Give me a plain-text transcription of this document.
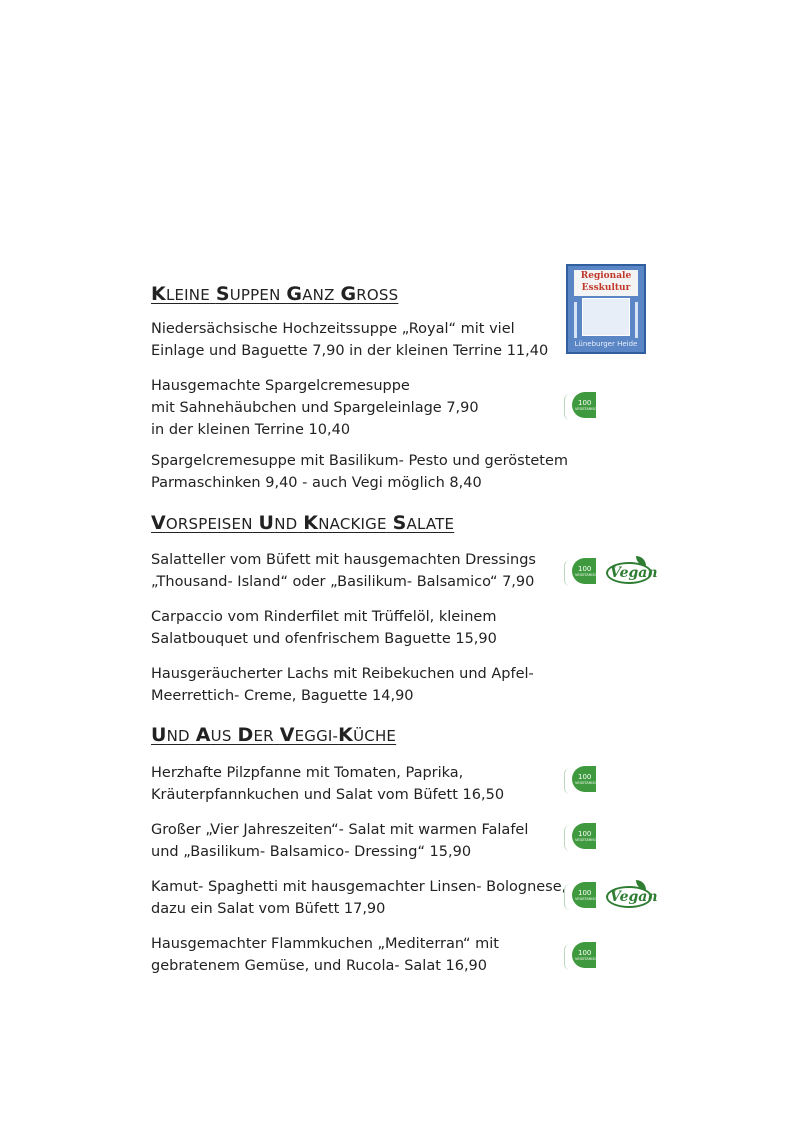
KLEINE SUPPEN GANZ GROSS
Regionale Esskultur
Lüneburger Heide
Niedersächsische Hochzeitssuppe „Royal“ mit viel
Einlage und Baguette 7,90 in der kleinen Terrine 11,40
Hausgemachte Spargelcremesuppe
mit Sahnehäubchen und Spargeleinlage 7,90
in der kleinen Terrine 10,40
100
VEGETARISCH
Spargelcremesuppe mit Basilikum- Pesto und geröstetem
Parmaschinken 9,40 - auch Vegi möglich 8,40
VORSPEISEN UND KNACKIGE SALATE
Salatteller vom Büfett mit hausgemachten Dressings
„Thousand- Island“ oder „Basilikum- Balsamico“ 7,90
100
VEGETARISCH Vegan
Carpaccio vom Rinderfilet mit Trüffelöl, kleinem
Salatbouquet und ofenfrischem Baguette 15,90
Hausgeräucherter Lachs mit Reibekuchen und Apfel-
Meerrettich- Creme, Baguette 14,90
UND AUS DER VEGGI-KÜCHE
Herzhafte Pilzpfanne mit Tomaten, Paprika,
Kräuterpfannkuchen und Salat vom Büfett 16,50
100
VEGETARISCH
Großer „Vier Jahreszeiten“- Salat mit warmen Falafel
und „Basilikum- Balsamico- Dressing“ 15,90
100
VEGETARISCH
Kamut- Spaghetti mit hausgemachter Linsen- Bolognese,
dazu ein Salat vom Büfett 17,90
100
VEGETARISCH Vegan
Hausgemachter Flammkuchen „Mediterran“ mit
gebratenem Gemüse, und Rucola- Salat 16,90
100
VEGETARISCH
